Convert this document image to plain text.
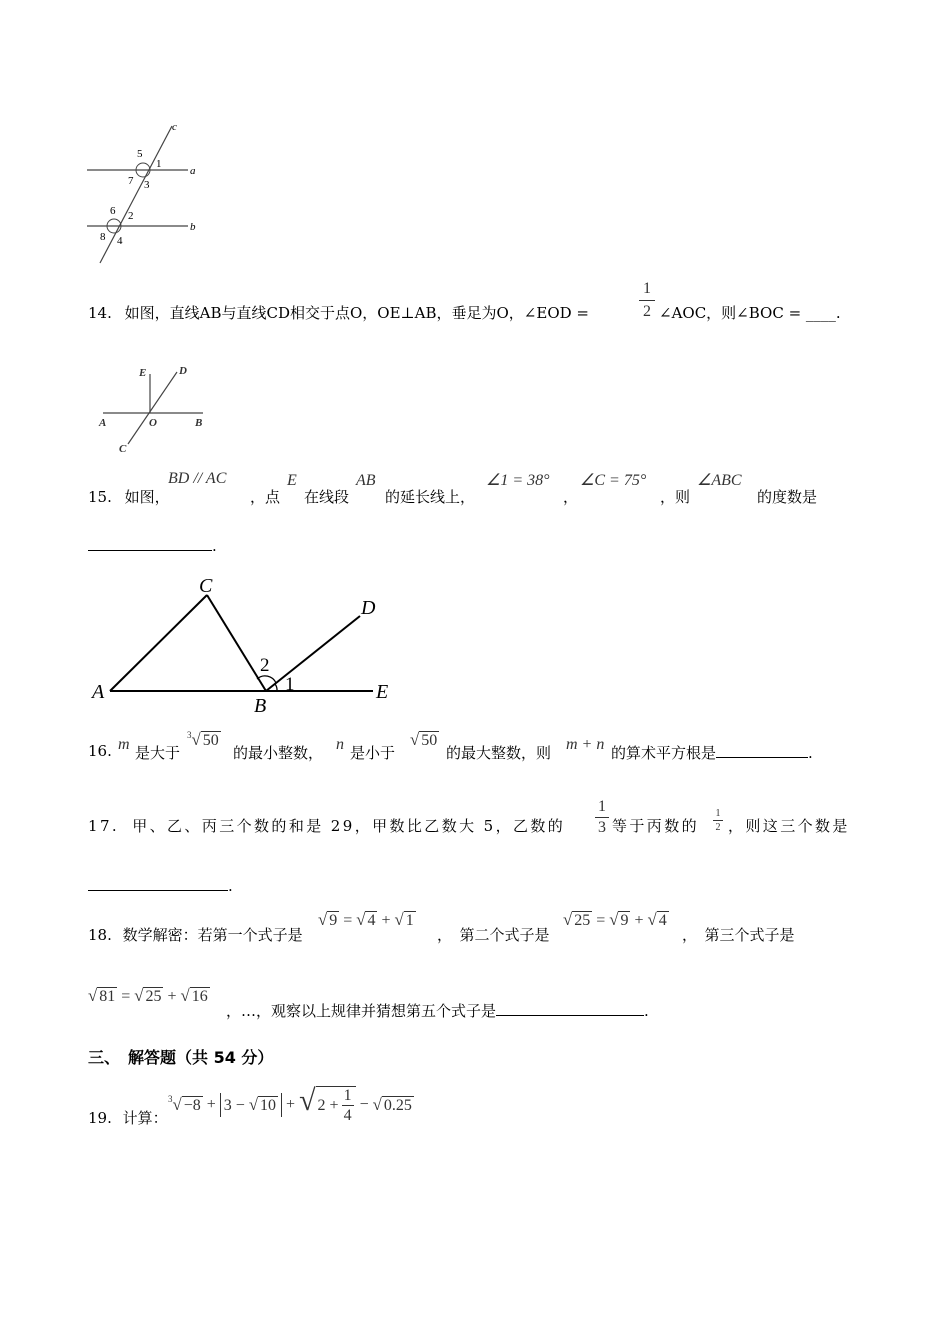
5
1
7 3
a
c
6 2
8 4
b
14. 如图，直线AB与直线CD相交于点O，OE⊥AB，垂足为O，∠EOD =
1
2 ∠AOC，则∠BOC = ____.
E	D
A	O	B
C
15. 如图，
BD // AC
，点
E
在线段
AB
的延长线上，
∠1 = 38°
，
∠C = 75°
，则
∠ABC
的度数是
.
C
D
A
B
E
2
1
16. m 是大于
$^3$ √ 50
的最小整数， n 是小于
√ 50
的最大整数，则 m + n 的算术平方根是	.
17. 甲、乙、丙三个数的和是 29，甲数比乙数大 5，乙数的
1
3 等于丙数的
1
2 ，则这三个数是
.
18. 数学解密：若第一个式子是
√ 9 = √ 4 + √ 1
，　第二个式子是
√ 25 = √ 9 + √ 4
，　第三个式子是
√ 81 = √ 25 + √ 16
，…，观察以上规律并猜想第五个式子是	.
三、　解答题（共 54 分）
19. 计算：
$^3$ √ −8 + 3 − √ 10 + √ $2 + \frac{1}{4}$ − √ 0.25
